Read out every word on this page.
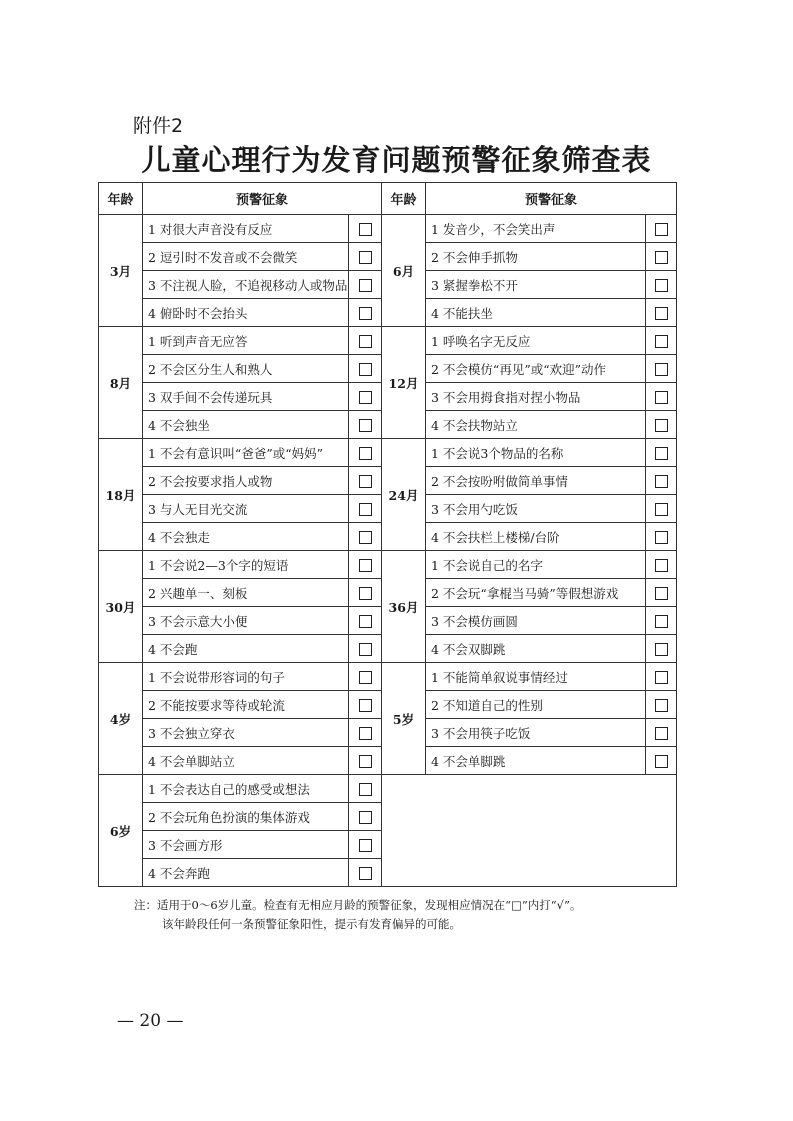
附件2
儿童心理行为发育问题预警征象筛查表
年龄	预警征象		年龄	预警征象	
3月	1 对很大声音没有反应		6月	1 发音少，不会笑出声	
	2 逗引时不发音或不会微笑			2 不会伸手抓物	
	3 不注视人脸，不追视移动人或物品			3 紧握拳松不开	
	4 俯卧时不会抬头			4 不能扶坐	
8月	1 听到声音无应答		12月	1 呼唤名字无反应	
	2 不会区分生人和熟人			2 不会模仿“再见”或“欢迎”动作	
	3 双手间不会传递玩具			3 不会用拇食指对捏小物品	
	4 不会独坐			4 不会扶物站立	
18月	1 不会有意识叫“爸爸”或“妈妈”		24月	1 不会说3个物品的名称	
	2 不会按要求指人或物			2 不会按吩咐做简单事情	
	3 与人无目光交流			3 不会用勺吃饭	
	4 不会独走			4 不会扶栏上楼梯/台阶	
30月	1 不会说2—3个字的短语		36月	1 不会说自己的名字	
	2 兴趣单一、刻板			2 不会玩“拿棍当马骑”等假想游戏	
	3 不会示意大小便			3 不会模仿画圆	
	4 不会跑			4 不会双脚跳	
4岁	1 不会说带形容词的句子		5岁	1 不能简单叙说事情经过	
	2 不能按要求等待或轮流			2 不知道自己的性别	
	3 不会独立穿衣			3 不会用筷子吃饭	
	4 不会单脚站立			4 不会单脚跳	
6岁	1 不会表达自己的感受或想法				
	2 不会玩角色扮演的集体游戏				
	3 不会画方形				
	4 不会奔跑				
注：适用于0～6岁儿童。检查有无相应月龄的预警征象，发现相应情况在“□”内打“√”。
该年龄段任何一条预警征象阳性，提示有发育偏异的可能。
— 20 —
